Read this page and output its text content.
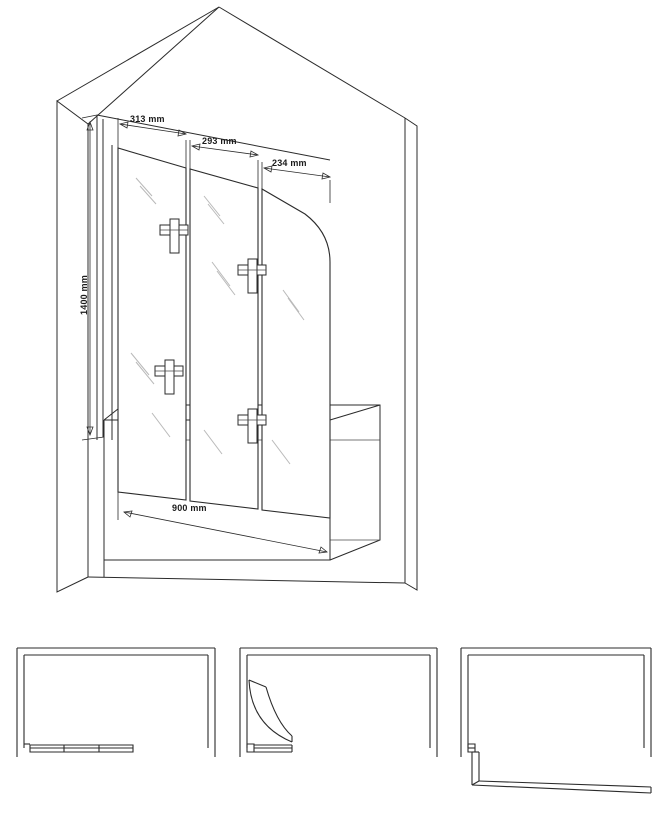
313 mm
293 mm
234 mm
1400 mm
900 mm
